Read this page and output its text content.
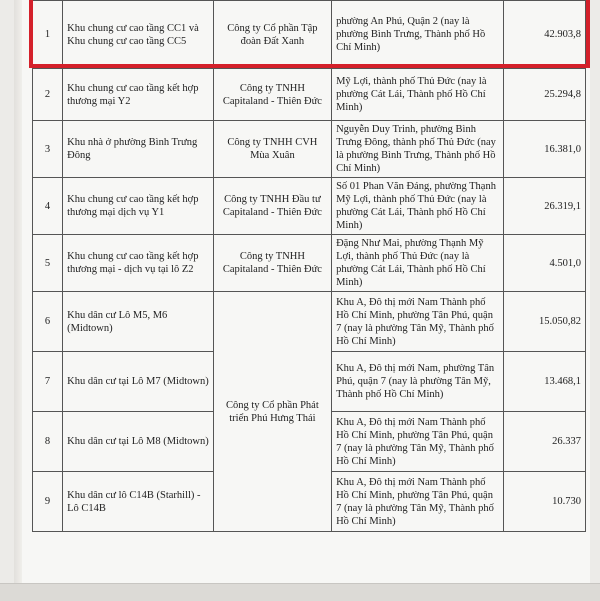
1	Khu chung cư cao tầng CC1 và Khu chung cư cao tầng CC5	Công ty Cổ phần Tập đoàn Đất Xanh	phường An Phú, Quận 2 (nay là phường Bình Trưng, Thành phố Hồ Chí Minh)	42.903,8
2	Khu chung cư cao tầng kết hợp thương mại Y2	Công ty TNHH Capitaland - Thiên Đức	Mỹ Lợi, thành phố Thủ Đức (nay là phường Cát Lái, Thành phố Hồ Chí Minh)	25.294,8
3	Khu nhà ở phường Bình Trưng Đông	Công ty TNHH CVH Mùa Xuân	Nguyễn Duy Trinh, phường Bình Trưng Đông, thành phố Thủ Đức (nay là phường Bình Trưng, Thành phố Hồ Chí Minh)	16.381,0
4	Khu chung cư cao tầng kết hợp thương mại dịch vụ Y1	Công ty TNHH Đầu tư Capitaland - Thiên Đức	Số 01 Phan Văn Đáng, phường Thạnh Mỹ Lợi, thành phố Thủ Đức (nay là phường Cát Lái, Thành phố Hồ Chí Minh)	26.319,1
5	Khu chung cư cao tầng kết hợp thương mại - dịch vụ tại lô Z2	Công ty TNHH Capitaland - Thiên Đức	Đặng Như Mai, phường Thạnh Mỹ Lợi, thành phố Thủ Đức (nay là phường Cát Lái, Thành phố Hồ Chí Minh)	4.501,0
6	Khu dân cư Lô M5, M6 (Midtown)	Công ty Cổ phần Phát triển Phú Hưng Thái	Khu A, Đô thị mới Nam Thành phố Hồ Chí Minh, phường Tân Phú, quận 7 (nay là phường Tân Mỹ, Thành phố Hồ Chí Minh)	15.050,82
7	Khu dân cư tại Lô M7 (Midtown)		Khu A, Đô thị mới Nam, phường Tân Phú, quận 7 (nay là phường Tân Mỹ, Thành phố Hồ Chí Minh)	13.468,1
8	Khu dân cư tại Lô M8 (Midtown)		Khu A, Đô thị mới Nam Thành phố Hồ Chí Minh, phường Tân Phú, quận 7 (nay là phường Tân Mỹ, Thành phố Hồ Chí Minh)	26.337
9	Khu dân cư lô C14B (Starhill) - Lô C14B		Khu A, Đô thị mới Nam Thành phố Hồ Chí Minh, phường Tân Phú, quận 7 (nay là phường Tân Mỹ, Thành phố Hồ Chí Minh)	10.730
